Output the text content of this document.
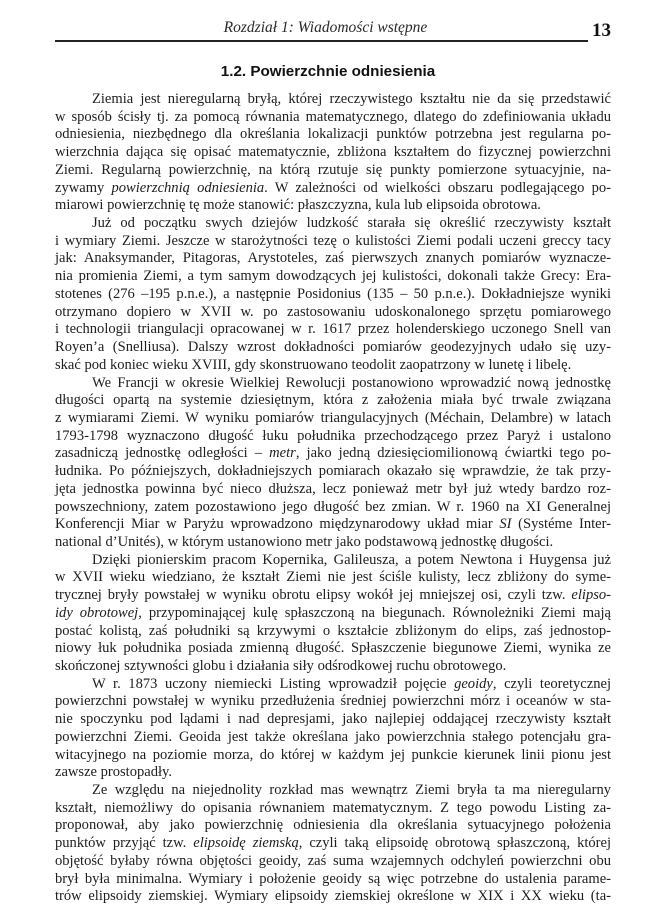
Rozdział 1: Wiadomości wstępne	13
1.2. Powierzchnie odniesienia
Ziemia jest nieregularną bryłą, której rzeczywistego kształtu nie da się przedstawić
w sposób ścisły tj. za pomocą równania matematycznego, dlatego do zdefiniowania układu
odniesienia, niezbędnego dla określania lokalizacji punktów potrzebna jest regularna po-
wierzchnia dająca się opisać matematycznie, zbliżona kształtem do fizycznej powierzchni
Ziemi. Regularną powierzchnię, na którą rzutuje się punkty pomierzone sytuacyjnie, na-
zywamy powierzchnią odniesienia. W zależności od wielkości obszaru podlegającego po-
miarowi powierzchnię tę może stanowić: płaszczyzna, kula lub elipsoida obrotowa.
Już od początku swych dziejów ludzkość starała się określić rzeczywisty kształt
i wymiary Ziemi. Jeszcze w starożytności tezę o kulistości Ziemi podali uczeni greccy tacy
jak: Anaksymander, Pitagoras, Arystoteles, zaś pierwszych znanych pomiarów wyznacze-
nia promienia Ziemi, a tym samym dowodzących jej kulistości, dokonali także Grecy: Era-
stotenes (276 –195 p.n.e.), a następnie Posidonius (135 – 50 p.n.e.). Dokładniejsze wyniki
otrzymano dopiero w XVII w. po zastosowaniu udoskonalonego sprzętu pomiarowego
i technologii triangulacji opracowanej w r. 1617 przez holenderskiego uczonego Snell van
Royen’a (Snelliusa). Dalszy wzrost dokładności pomiarów geodezyjnych udało się uzy-
skać pod koniec wieku XVIII, gdy skonstruowano teodolit zaopatrzony w lunetę i libelę.
We Francji w okresie Wielkiej Rewolucji postanowiono wprowadzić nową jednostkę
długości opartą na systemie dziesiętnym, która z założenia miała być trwale związana
z wymiarami Ziemi. W wyniku pomiarów triangulacyjnych (Méchain, Delambre) w latach
1793-1798 wyznaczono długość łuku południka przechodzącego przez Paryż i ustalono
zasadniczą jednostkę odległości – metr, jako jedną dziesięciomilionową ćwiartki tego po-
łudnika. Po późniejszych, dokładniejszych pomiarach okazało się wprawdzie, że tak przy-
jęta jednostka powinna być nieco dłuższa, lecz ponieważ metr był już wtedy bardzo roz-
powszechniony, zatem pozostawiono jego długość bez zmian. W r. 1960 na XI Generalnej
Konferencji Miar w Paryżu wprowadzono międzynarodowy układ miar SI (Systéme Inter-
national d’Unités), w którym ustanowiono metr jako podstawową jednostkę długości.
Dzięki pionierskim pracom Kopernika, Galileusza, a potem Newtona i Huygensa już
w XVII wieku wiedziano, że kształt Ziemi nie jest ściśle kulisty, lecz zbliżony do syme-
trycznej bryły powstałej w wyniku obrotu elipsy wokół jej mniejszej osi, czyli tzw. elipso-
idy obrotowej, przypominającej kulę spłaszczoną na biegunach. Równoleżniki Ziemi mają
postać kolistą, zaś południki są krzywymi o kształcie zbliżonym do elips, zaś jednostop-
niowy łuk południka posiada zmienną długość. Spłaszczenie biegunowe Ziemi, wynika ze
skończonej sztywności globu i działania siły odśrodkowej ruchu obrotowego.
W r. 1873 uczony niemiecki Listing wprowadził pojęcie geoidy, czyli teoretycznej
powierzchni powstałej w wyniku przedłużenia średniej powierzchni mórz i oceanów w sta-
nie spoczynku pod lądami i nad depresjami, jako najlepiej oddającej rzeczywisty kształt
powierzchni Ziemi. Geoida jest także określana jako powierzchnia stałego potencjału gra-
witacyjnego na poziomie morza, do której w każdym jej punkcie kierunek linii pionu jest
zawsze prostopadły.
Ze względu na niejednolity rozkład mas wewnątrz Ziemi bryła ta ma nieregularny
kształt, niemożliwy do opisania równaniem matematycznym. Z tego powodu Listing za-
proponował, aby jako powierzchnię odniesienia dla określania sytuacyjnego położenia
punktów przyjąć tzw. elipsoidę ziemską, czyli taką elipsoidę obrotową spłaszczoną, której
objętość byłaby równa objętości geoidy, zaś suma wzajemnych odchyleń powierzchni obu
brył była minimalna. Wymiary i położenie geoidy są więc potrzebne do ustalenia parame-
trów elipsoidy ziemskiej. Wymiary elipsoidy ziemskiej określone w XIX i XX wieku (ta-
